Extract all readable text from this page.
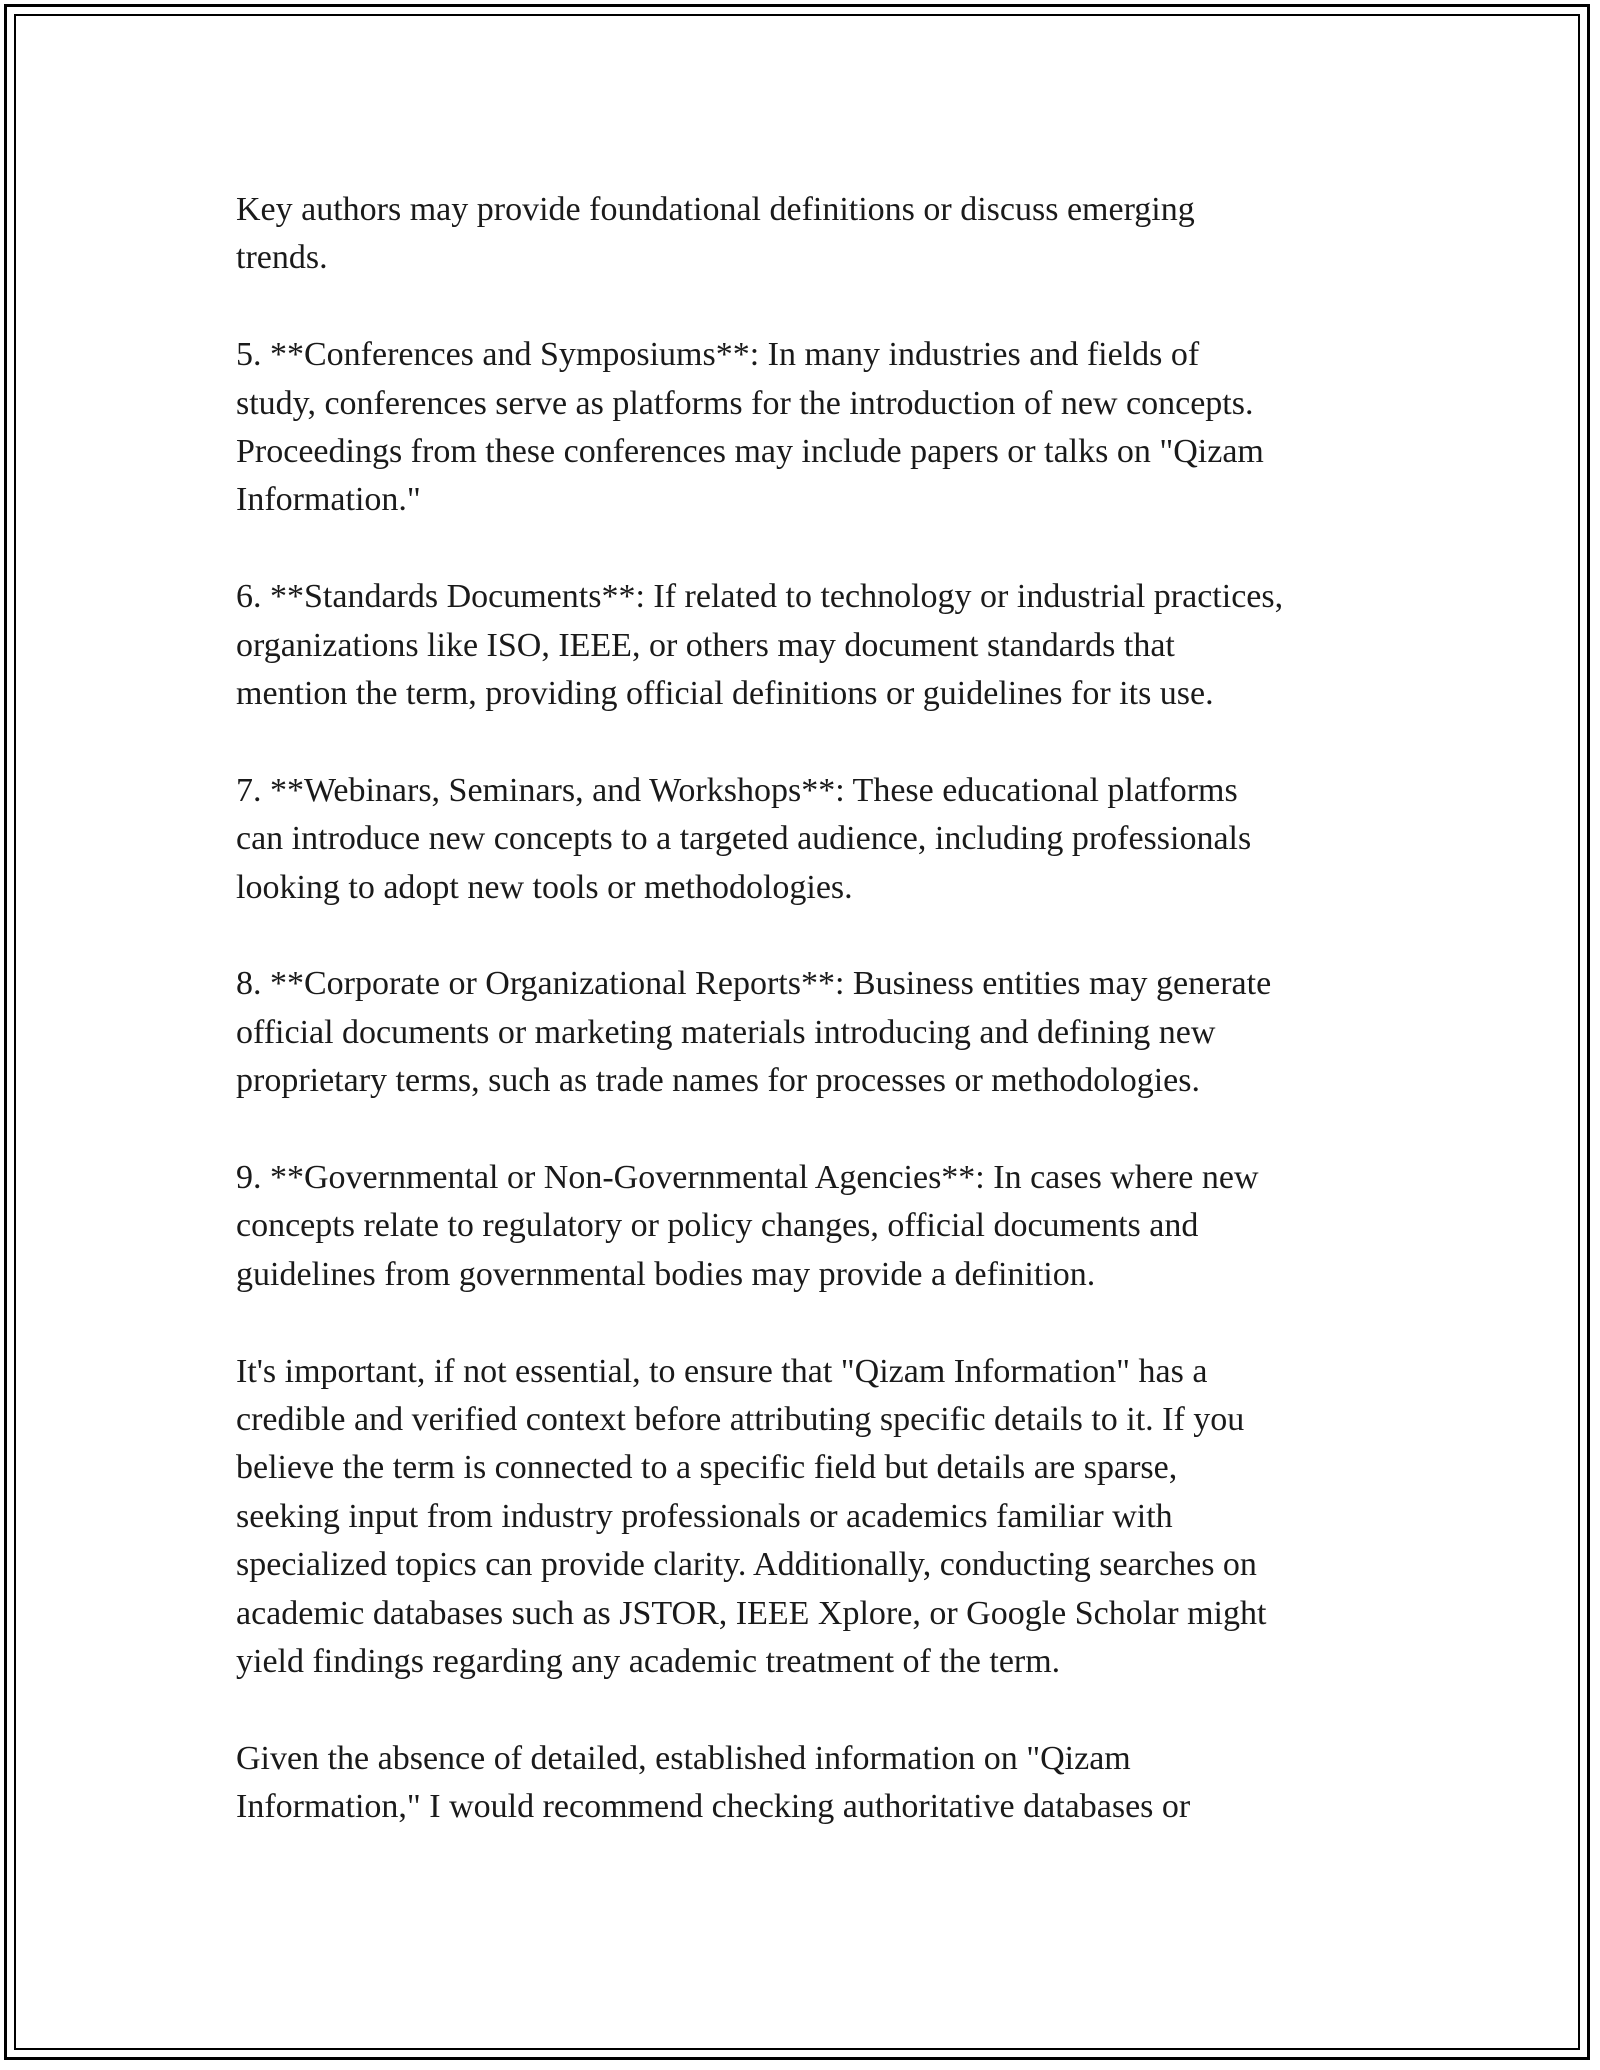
Key authors may provide foundational definitions or discuss emerging
trends.

5. **Conferences and Symposiums**: In many industries and fields of
study, conferences serve as platforms for the introduction of new concepts.
Proceedings from these conferences may include papers or talks on "Qizam
Information."

6. **Standards Documents**: If related to technology or industrial practices,
organizations like ISO, IEEE, or others may document standards that
mention the term, providing official definitions or guidelines for its use.

7. **Webinars, Seminars, and Workshops**: These educational platforms
can introduce new concepts to a targeted audience, including professionals
looking to adopt new tools or methodologies.

8. **Corporate or Organizational Reports**: Business entities may generate
official documents or marketing materials introducing and defining new
proprietary terms, such as trade names for processes or methodologies.

9. **Governmental or Non-Governmental Agencies**: In cases where new
concepts relate to regulatory or policy changes, official documents and
guidelines from governmental bodies may provide a definition.

It's important, if not essential, to ensure that "Qizam Information" has a
credible and verified context before attributing specific details to it. If you
believe the term is connected to a specific field but details are sparse,
seeking input from industry professionals or academics familiar with
specialized topics can provide clarity. Additionally, conducting searches on
academic databases such as JSTOR, IEEE Xplore, or Google Scholar might
yield findings regarding any academic treatment of the term.

Given the absence of detailed, established information on "Qizam
Information," I would recommend checking authoritative databases or
